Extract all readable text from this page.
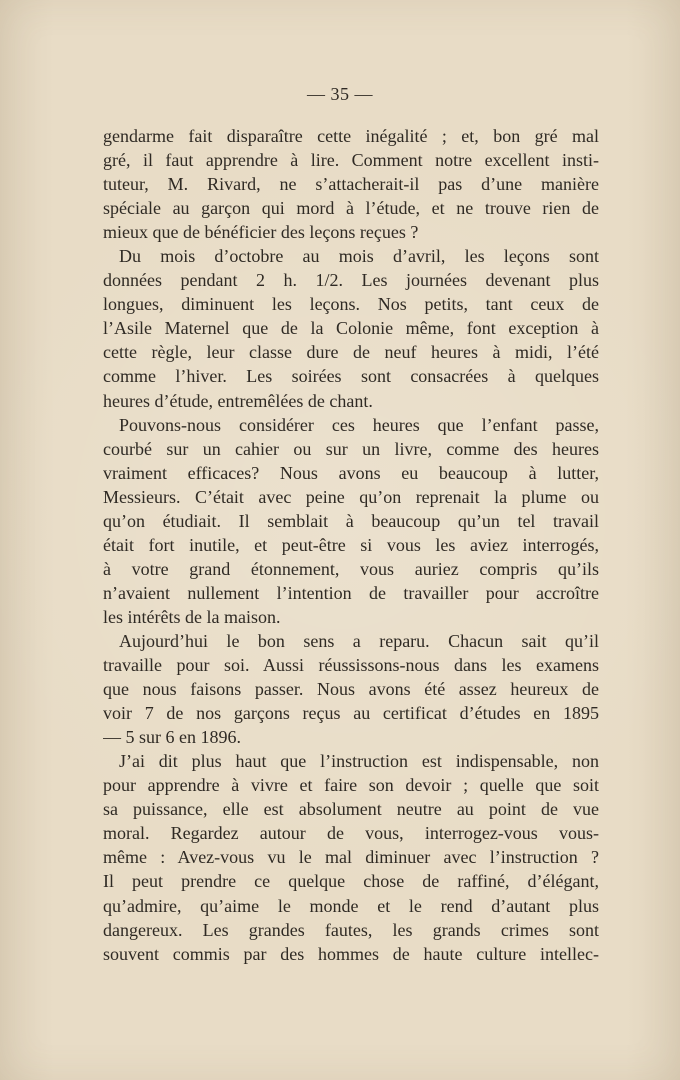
— 35 —
gendarme fait disparaître cette inégalité ; et, bon gré mal
gré, il faut apprendre à lire. Comment notre excellent insti-
tuteur, M. Rivard, ne s’attacherait-il pas d’une manière
spéciale au garçon qui mord à l’étude, et ne trouve rien de
mieux que de bénéficier des leçons reçues ?
Du mois d’octobre au mois d’avril, les leçons sont
données pendant 2 h. 1/2. Les journées devenant plus
longues, diminuent les leçons. Nos petits, tant ceux de
l’Asile Maternel que de la Colonie même, font exception à
cette règle, leur classe dure de neuf heures à midi, l’été
comme l’hiver. Les soirées sont consacrées à quelques
heures d’étude, entremêlées de chant.
Pouvons-nous considérer ces heures que l’enfant passe,
courbé sur un cahier ou sur un livre, comme des heures
vraiment efficaces? Nous avons eu beaucoup à lutter,
Messieurs. C’était avec peine qu’on reprenait la plume ou
qu’on étudiait. Il semblait à beaucoup qu’un tel travail
était fort inutile, et peut-être si vous les aviez interrogés,
à votre grand étonnement, vous auriez compris qu’ils
n’avaient nullement l’intention de travailler pour accroître
les intérêts de la maison.
Aujourd’hui le bon sens a reparu. Chacun sait qu’il
travaille pour soi. Aussi réussissons-nous dans les examens
que nous faisons passer. Nous avons été assez heureux de
voir 7 de nos garçons reçus au certificat d’études en 1895
— 5 sur 6 en 1896.
J’ai dit plus haut que l’instruction est indispensable, non
pour apprendre à vivre et faire son devoir ; quelle que soit
sa puissance, elle est absolument neutre au point de vue
moral. Regardez autour de vous, interrogez-vous vous-
même : Avez-vous vu le mal diminuer avec l’instruction ?
Il peut prendre ce quelque chose de raffiné, d’élégant,
qu’admire, qu’aime le monde et le rend d’autant plus
dangereux. Les grandes fautes, les grands crimes sont
souvent commis par des hommes de haute culture intellec-
